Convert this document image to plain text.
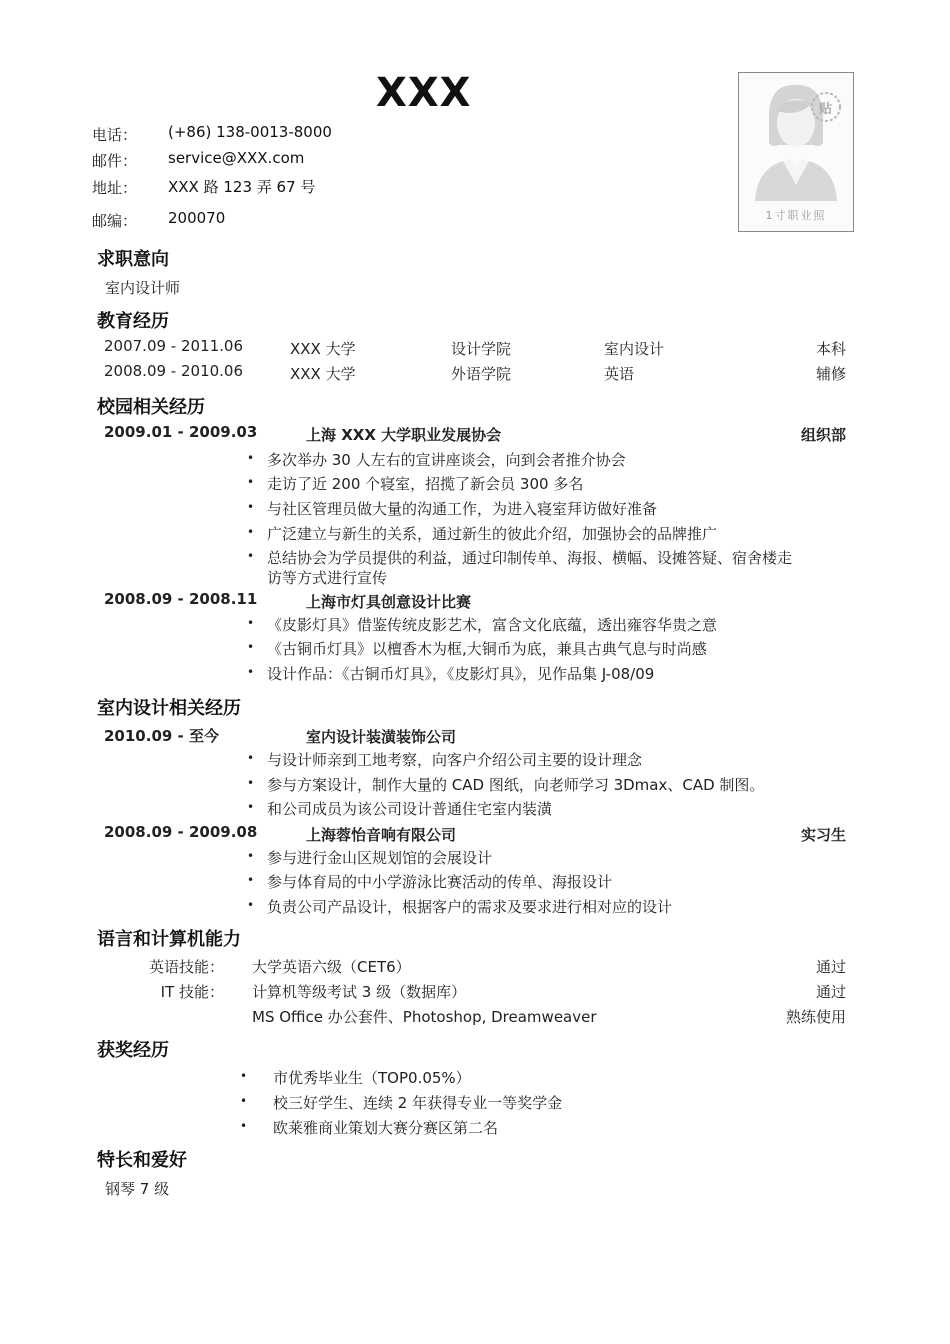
XXX	贴
1寸职业照
电话： (+86) 138-0013-8000
邮件： service@XXX.com
地址： XXX 路 123 弄 67 号
邮编： 200070
求职意向
室内设计师
教育经历
2007.09 - 2011.06	XXX 大学	设计学院	室内设计	本科
2008.09 - 2010.06	XXX 大学	外语学院	英语	辅修
校园相关经历
2009.01 - 2009.03	上海 XXX 大学职业发展协会	组织部
• 多次举办 30 人左右的宣讲座谈会，向到会者推介协会
• 走访了近 200 个寝室，招揽了新会员 300 多名
• 与社区管理员做大量的沟通工作，为进入寝室拜访做好准备
• 广泛建立与新生的关系，通过新生的彼此介绍，加强协会的品牌推广
• 总结协会为学员提供的利益，通过印制传单、海报、横幅、设摊答疑、宿舍楼走
访等方式进行宣传
2008.09 - 2008.11	上海市灯具创意设计比赛
• 《皮影灯具》借鉴传统皮影艺术，富含文化底蕴，透出雍容华贵之意
• 《古铜币灯具》以檀香木为框,大铜币为底，兼具古典气息与时尚感
• 设计作品：《古铜币灯具》，《皮影灯具》，见作品集 J-08/09
室内设计相关经历
2010.09 - 至今	室内设计装潢装饰公司
• 与设计师亲到工地考察，向客户介绍公司主要的设计理念
• 参与方案设计，制作大量的 CAD 图纸，向老师学习 3Dmax、CAD 制图。
• 和公司成员为该公司设计普通住宅室内装潢
2008.09 - 2009.08	上海蓉怡音响有限公司	实习生
• 参与进行金山区规划馆的会展设计
• 参与体育局的中小学游泳比赛活动的传单、海报设计
• 负责公司产品设计，根据客户的需求及要求进行相对应的设计
语言和计算机能力
英语技能： 大学英语六级（CET6）	通过
IT 技能： 计算机等级考试 3 级（数据库）	通过
MS Office 办公套件、Photoshop, Dreamweaver	熟练使用
获奖经历
• 市优秀毕业生（TOP0.05%）
• 校三好学生、连续 2 年获得专业一等奖学金
• 欧莱雅商业策划大赛分赛区第二名
特长和爱好
钢琴 7 级
